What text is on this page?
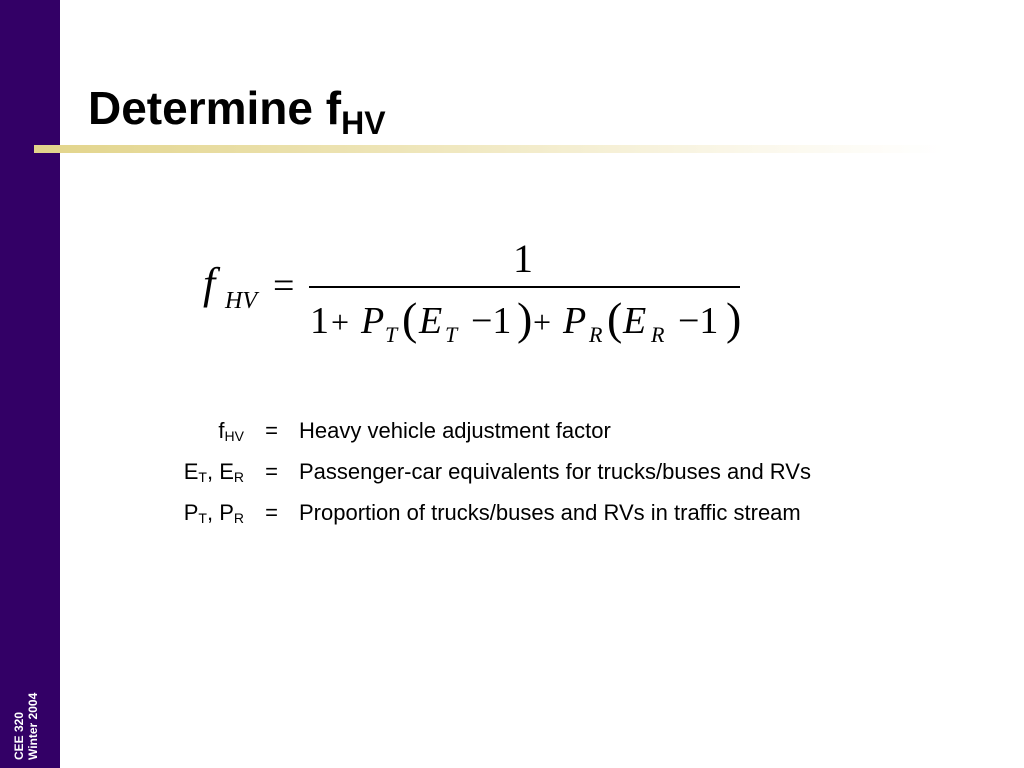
CEE 320 Winter 2004
Determine $f_{HV}$
f HV =
1
1 + P T ( E T −1 ) + P R ( E R −1 )
$f_{HV}$ = Heavy vehicle adjustment factor
$E_T$, $E_R$ = Passenger-car equivalents for trucks/buses and RVs
$P_T$, $P_R$ = Proportion of trucks/buses and RVs in traffic stream
